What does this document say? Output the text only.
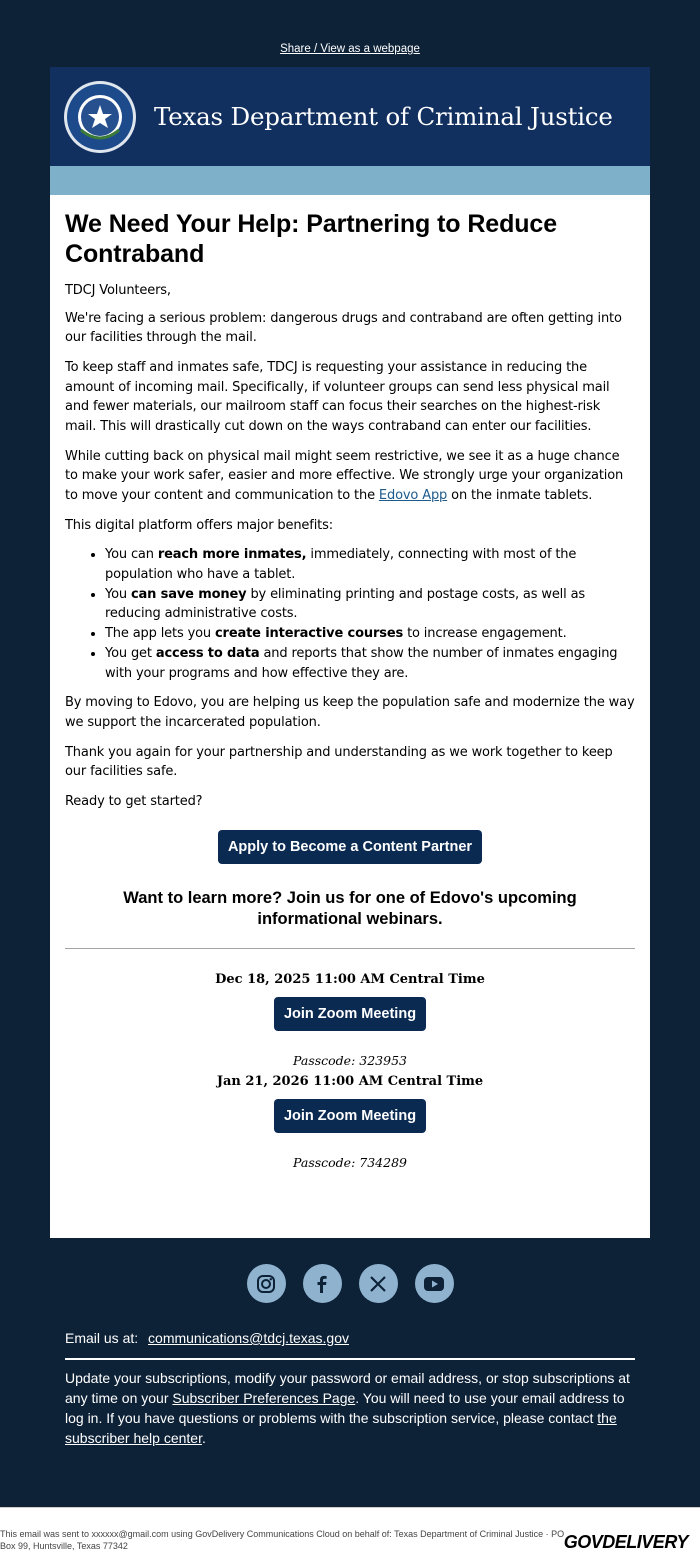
Share / View as a webpage
Texas Department of Criminal Justice
We Need Your Help: Partnering to Reduce Contraband

TDCJ Volunteers,

We're facing a serious problem: dangerous drugs and contraband are often getting into our facilities through the mail.

To keep staff and inmates safe, TDCJ is requesting your assistance in reducing the amount of incoming mail. Specifically, if volunteer groups can send less physical mail and fewer materials, our mailroom staff can focus their searches on the highest-risk mail. This will drastically cut down on the ways contraband can enter our facilities.

While cutting back on physical mail might seem restrictive, we see it as a huge chance to make your work safer, easier and more effective. We strongly urge your organization to move your content and communication to the Edovo App on the inmate tablets.

This digital platform offers major benefits:

• You can reach more inmates, immediately, connecting with most of the population who have a tablet.
• You can save money by eliminating printing and postage costs, as well as reducing administrative costs.
• The app lets you create interactive courses to increase engagement.
• You get access to data and reports that show the number of inmates engaging with your programs and how effective they are.

By moving to Edovo, you are helping us keep the population safe and modernize the way we support the incarcerated population.

Thank you again for your partnership and understanding as we work together to keep our facilities safe.

Ready to get started?

Apply to Become a Content Partner
Want to learn more? Join us for one of Edovo's upcoming informational webinars.
Dec 18, 2025 11:00 AM Central Time
Join Zoom Meeting
Passcode: 323953
Jan 21, 2026 11:00 AM Central Time
Join Zoom Meeting
Passcode: 734289
Email us at: communications@tdcj.texas.gov
Update your subscriptions, modify your password or email address, or stop subscriptions at any time on your Subscriber Preferences Page. You will need to use your email address to log in. If you have questions or problems with the subscription service, please contact the subscriber help center.
This email was sent to xxxxxx@gmail.com using GovDelivery Communications Cloud on behalf of: Texas Department of Criminal Justice · PO Box 99, Huntsville, Texas 77342	GOVDELIVERY
